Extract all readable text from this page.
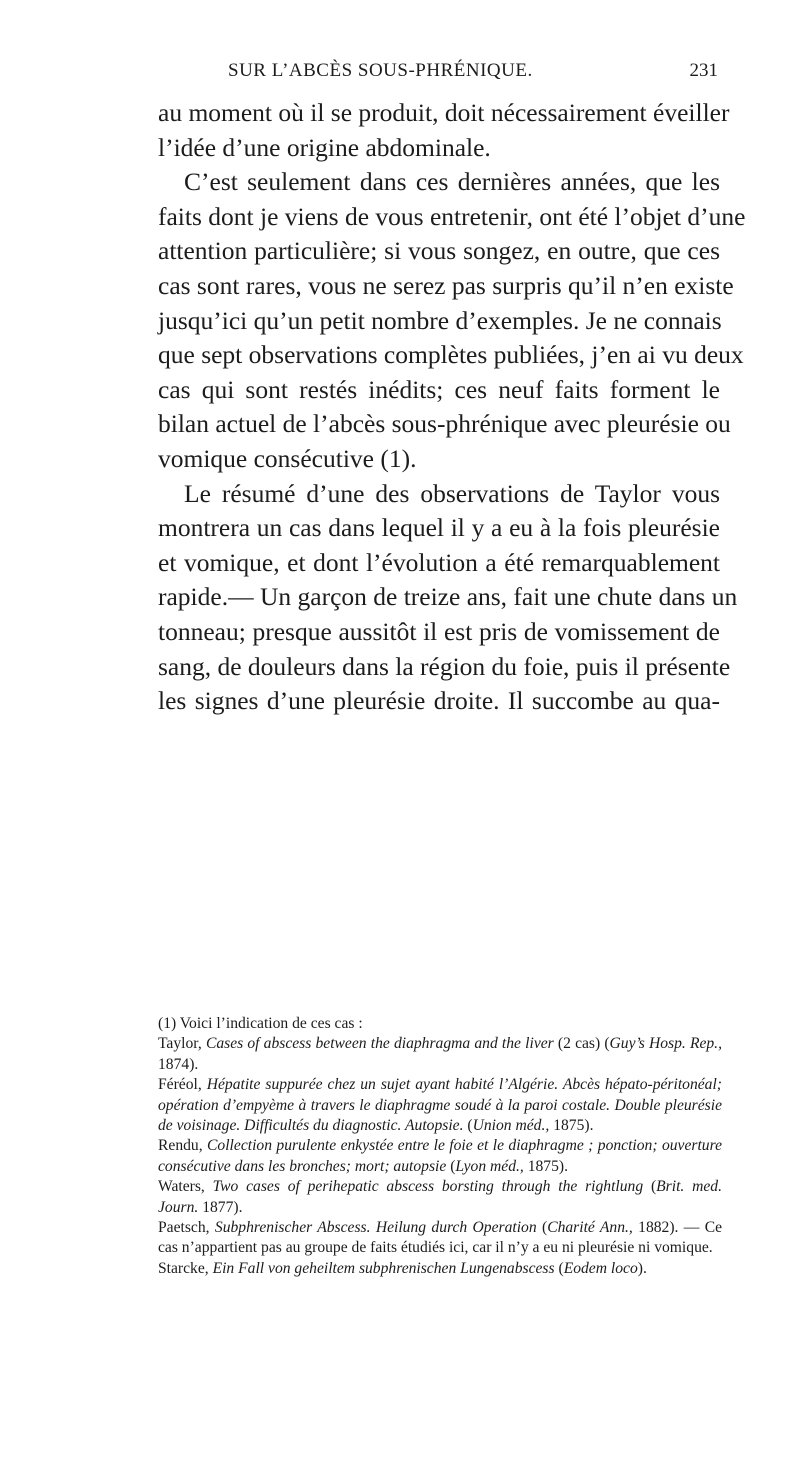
SUR L’ABCÈS SOUS-PHRÉNIQUE.	231
au moment où il se produit, doit nécessairement éveiller
l’idée d’une origine abdominale.
C’est seulement dans ces dernières années, que les
faits dont je viens de vous entretenir, ont été l’objet d’une
attention particulière; si vous songez, en outre, que ces
cas sont rares, vous ne serez pas surpris qu’il n’en existe
jusqu’ici qu’un petit nombre d’exemples. Je ne connais
que sept observations complètes publiées, j’en ai vu deux
cas qui sont restés inédits; ces neuf faits forment le
bilan actuel de l’abcès sous-phrénique avec pleurésie ou
vomique consécutive (1).
Le résumé d’une des observations de Taylor vous
montrera un cas dans lequel il y a eu à la fois pleurésie
et vomique, et dont l’évolution a été remarquablement
rapide.— Un garçon de treize ans, fait une chute dans un
tonneau; presque aussitôt il est pris de vomissement de
sang, de douleurs dans la région du foie, puis il présente
les signes d’une pleurésie droite. Il succombe au qua-

(1) Voici l’indication de ces cas :

Taylor, Cases of abscess between the diaphragma and the liver (2 cas) (Guy’s Hosp. Rep., 1874).

Féréol, Hépatite suppurée chez un sujet ayant habité l’Algérie. Abcès hépato-péritonéal; opération d’empyème à travers le diaphragme soudé à la paroi costale. Double pleurésie de voisinage. Difficultés du diagnostic. Autopsie. (Union méd., 1875).

Rendu, Collection purulente enkystée entre le foie et le diaphragme ; ponction; ouverture consécutive dans les bronches; mort; autopsie (Lyon méd., 1875).

Waters, Two cases of perihepatic abscess borsting through the rightlung (Brit. med. Journ. 1877).

Paetsch, Subphrenischer Abscess. Heilung durch Operation (Charité Ann., 1882). — Ce cas n’appartient pas au groupe de faits étudiés ici, car il n’y a eu ni pleurésie ni vomique.

Starcke, Ein Fall von geheiltem subphrenischen Lungenabscess (Eodem loco).
